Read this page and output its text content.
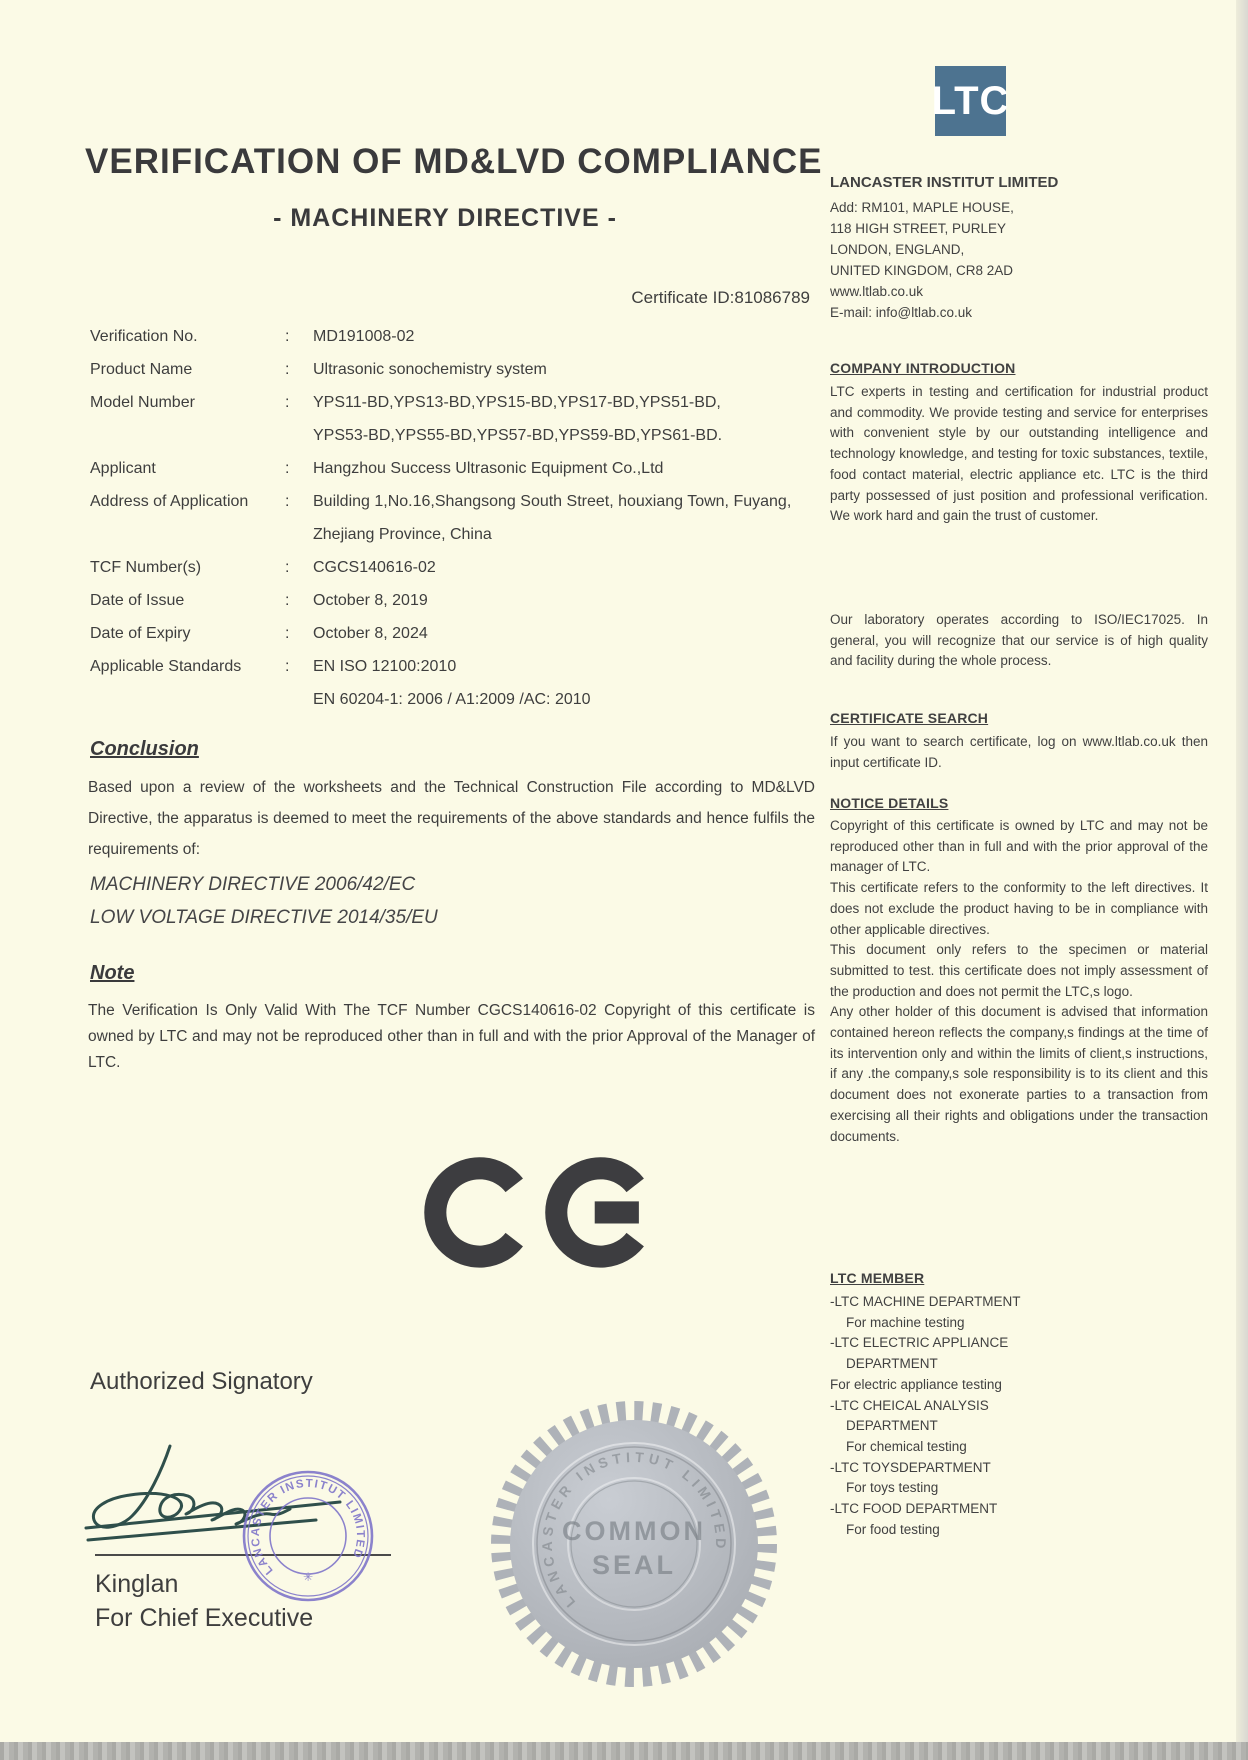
LTC
VERIFICATION OF MD&LVD COMPLIANCE
- MACHINERY DIRECTIVE -
Certificate ID:81086789
Verification No.	:	MD191008-02
Product Name	:	Ultrasonic sonochemistry system
Model Number	:	YPS11-BD,YPS13-BD,YPS15-BD,YPS17-BD,YPS51-BD,
YPS53-BD,YPS55-BD,YPS57-BD,YPS59-BD,YPS61-BD.
Applicant	:	Hangzhou Success Ultrasonic Equipment Co.,Ltd
Address of Application	:	Building 1,No.16,Shangsong South Street, houxiang Town, Fuyang,
Zhejiang Province, China
TCF Number(s)	:	CGCS140616-02
Date of Issue	:	October 8, 2019
Date of Expiry	:	October 8, 2024
Applicable Standards	:	EN ISO 12100:2010
EN 60204-1: 2006 / A1:2009 /AC: 2010
Conclusion
Based upon a review of the worksheets and the Technical Construction File according to MD&LVD Directive, the apparatus is deemed to meet the requirements of the above standards and hence fulfils the requirements of:
MACHINERY DIRECTIVE 2006/42/EC
LOW VOLTAGE DIRECTIVE 2014/35/EU
Note
The Verification Is Only Valid With The TCF Number CGCS140616-02 Copyright of this certificate is owned by LTC and may not be reproduced other than in full and with the prior Approval of the Manager of LTC.
Authorized Signatory
LANCASTER INSTITUT LIMITED
✳
Kinglan
For Chief Executive
LANCASTER INSTITUT LIMITED
COMMON
SEAL
LANCASTER INSTITUT LIMITED
Add: RM101, MAPLE HOUSE,
118 HIGH STREET, PURLEY
LONDON, ENGLAND,
UNITED KINGDOM, CR8 2AD
www.ltlab.co.uk
E-mail: info@ltlab.co.uk
COMPANY INTRODUCTION
LTC experts in testing and certification for industrial product and commodity. We provide testing and service for enterprises with convenient style by our outstanding intelligence and technology knowledge, and testing for toxic substances, textile, food contact material, electric appliance etc. LTC is the third party possessed of just position and professional verification. We work hard and gain the trust of customer.
Our laboratory operates according to ISO/IEC17025. In general, you will recognize that our service is of high quality and facility during the whole process.
CERTIFICATE SEARCH
If you want to search certificate, log on www.ltlab.co.uk then input certificate ID.
NOTICE DETAILS
Copyright of this certificate is owned by LTC and may not be reproduced other than in full and with the prior approval of the manager of LTC.
This certificate refers to the conformity to the left directives. It does not exclude the product having to be in compliance with other applicable directives.
This document only refers to the specimen or material submitted to test. this certificate does not imply assessment of the production and does not permit the LTC,s logo.
Any other holder of this document is advised that information contained hereon reflects the company,s findings at the time of its intervention only and within the limits of client,s instructions, if any .the company,s sole responsibility is to its client and this document does not exonerate parties to a transaction from exercising all their rights and obligations under the transaction documents.
LTC MEMBER
-LTC MACHINE DEPARTMENT
For machine testing
-LTC ELECTRIC APPLIANCE
DEPARTMENT
For electric appliance testing
-LTC CHEICAL ANALYSIS
DEPARTMENT
For chemical testing
-LTC TOYSDEPARTMENT
For toys testing
-LTC FOOD DEPARTMENT
For food testing
